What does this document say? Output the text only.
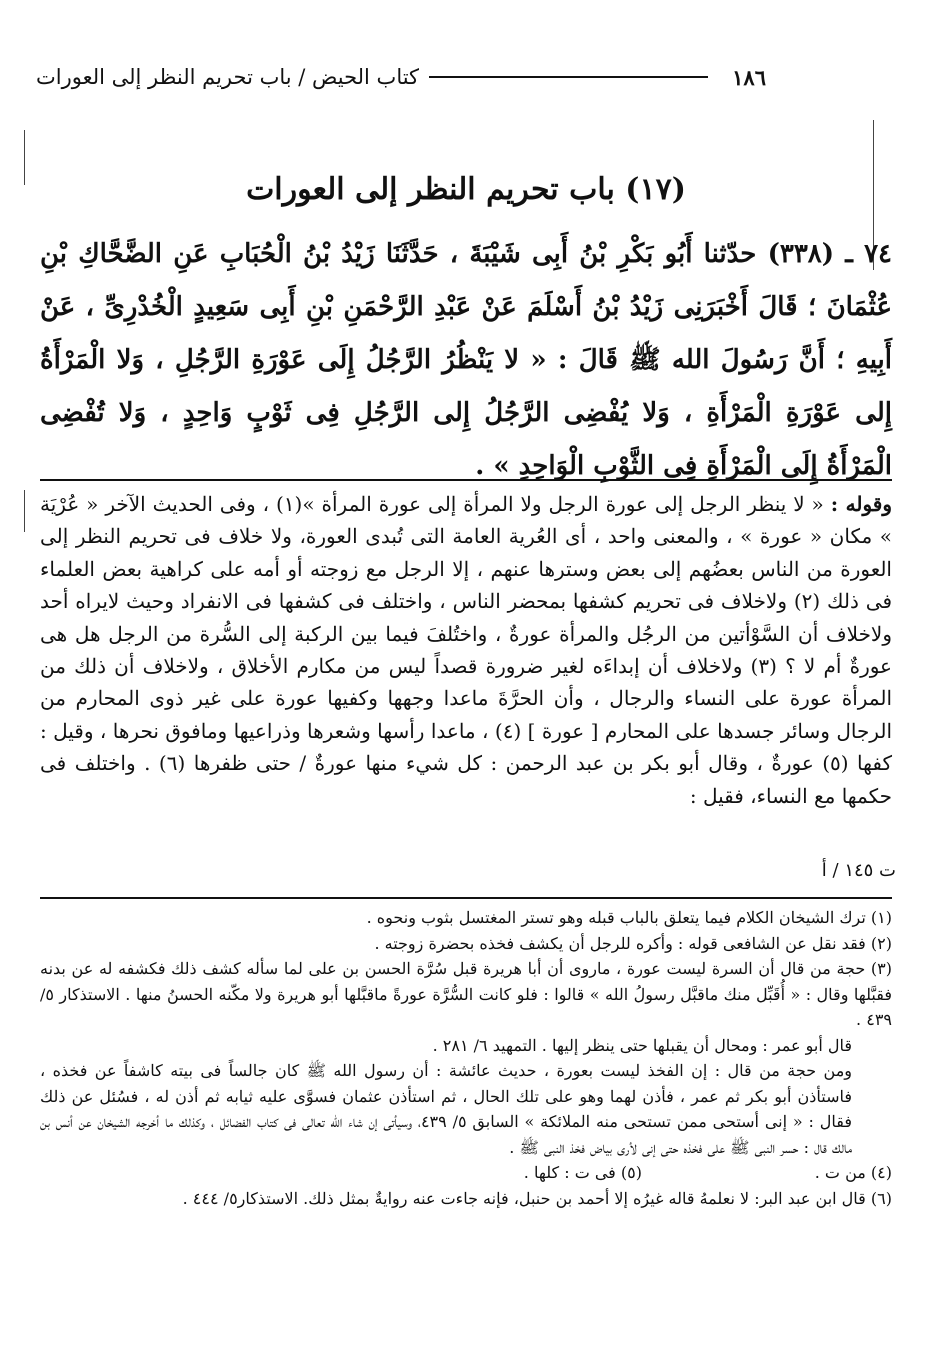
١٨٦
كتاب الحيض / باب تحريم النظر إلى العورات
(١٧) باب تحريم النظر إلى العورات
٧٤ ـ (٣٣٨) حدّثنا أَبُو بَكْرِ بْنُ أَبِى شَيْبَةَ ، حَدَّثَنَا زَيْدُ بْنُ الْحُبَابِ عَنِ الضَّحَّاكِ بْنِ عُثْمَانَ ؛ قَالَ أَخْبَرَنِى زَيْدُ بْنُ أَسْلَمَ عَنْ عَبْدِ الرَّحْمَنِ بْنِ أَبِى سَعِيدٍ الْخُدْرِىِّ ، عَنْ أَبِيهِ ؛ أَنَّ رَسُولَ الله ﷺ قَالَ : « لا يَنْظُرُ الرَّجُلُ إِلَى عَوْرَةِ الرَّجُلِ ، وَلا الْمَرْأَةُ إِلى عَوْرَةِ الْمَرْأَةِ ، وَلا يُفْضِى الرَّجُلُ إِلى الرَّجُلِ فِى ثَوْبٍ وَاحِدٍ ، وَلا تُفْضِى الْمَرْأَةُ إِلَى الْمَرْأَةِ فِى الثَّوْبِ الْوَاحِدِ » .
وقوله : « لا ينظر الرجل إلى عورة الرجل ولا المرأة إلى عورة المرأة »(١) ، وفى الحديث الآخر « عُرْيَة » مكان « عورة » ، والمعنى واحد ، أى العُرية العامة التى تُبدى العورة، ولا خلاف فى تحريم النظر إلى العورة من الناس بعضُهم إلى بعض وسترها عنهم ، إلا الرجل مع زوجته أو أمه على كراهية بعض العلماء فى ذلك (٢) ولاخلاف فى تحريم كشفها بمحضر الناس ، واختلف فى كشفها فى الانفراد وحيث لايراه أحد ولاخلاف أن السَّوْأتين من الرجُل والمرأة عورةٌ ، واختُلفَ فيما بين الركبة إلى السُّرة من الرجل هل هى عورةٌ أم لا ؟ (٣) ولاخلاف أن إبداءَه لغير ضرورة قصداً ليس من مكارم الأخلاق ، ولاخلاف أن ذلك من المرأة عورة على النساء والرجال ، وأن الحرَّةَ ماعدا وجهها وكفيها عورة على غير ذوى المحارم من الرجال وسائر جسدها على المحارم [ عورة ] (٤) ، ماعدا رأسها وشعرها وذراعيها ومافوق نحرها ، وقيل : كفها (٥) عورةٌ ، وقال أبو بكر بن عبد الرحمن : كل شيء منها عورةٌ / حتى ظفرها (٦) . واختلف فى حكمها مع النساء، فقيل :
ت ١٤٥ / أ
(١) ترك الشيخان الكلام فيما يتعلق بالباب قبله وهو تستر المغتسل بثوب ونحوه .
(٢) فقد نقل عن الشافعى قوله : وأكره للرجل أن يكشف فخذه بحضرة زوجته .
(٣) حجة من قال أن السرة ليست عورة ، ماروى أن أبا هريرة قبل سُرَّة الحسن بن على لما سأله كشف ذلك فكشفه له عن بدنه فقبَّلها وقال : « أُقَبِّل منك ماقبَّل رسولُ الله » قالوا : فلو كانت السُّرَّة عورةً ماقبَّلها أبو هريرة ولا مكّنه الحسنُ منها . الاستذكار ٥/ ٤٣٩ .
قال أبو عمر : ومحال أن يقبلها حتى ينظر إليها . التمهيد ٦/ ٢٨١ .
ومن حجة من قال : إن الفخذ ليست بعورة ، حديث عائشة : أن رسول الله ﷺ كان جالساً فى بيته كاشفاً عن فخذه ، فاستأذن أبو بكر ثم عمر ، فأذن لهما وهو على تلك الحال ، ثم استأذن عثمان فسوَّى عليه ثيابه ثم أذن له ، فسُئل عن ذلك فقال : « إنى أستحى ممن تستحى منه الملائكة » السابق ٥/ ٤٣٩، وسيأتى إن شاء الله تعالى فى كتاب الفضائل ، وكذلك ما أخرجه الشيخان عن أنس بن مالك قال : حسر النبى ﷺ على فخذه حتى إنى لأرى بياض فخذ النبى ﷺ .
(٤) من ت .
(٥) فى ت : كلها .
(٦) قال ابن عبد البر: لا نعلمهُ قاله غيرُه إلا أحمد بن حنبل، فإنه جاءت عنه روايةٌ بمثل ذلك. الاستذكار٥/ ٤٤٤ .
